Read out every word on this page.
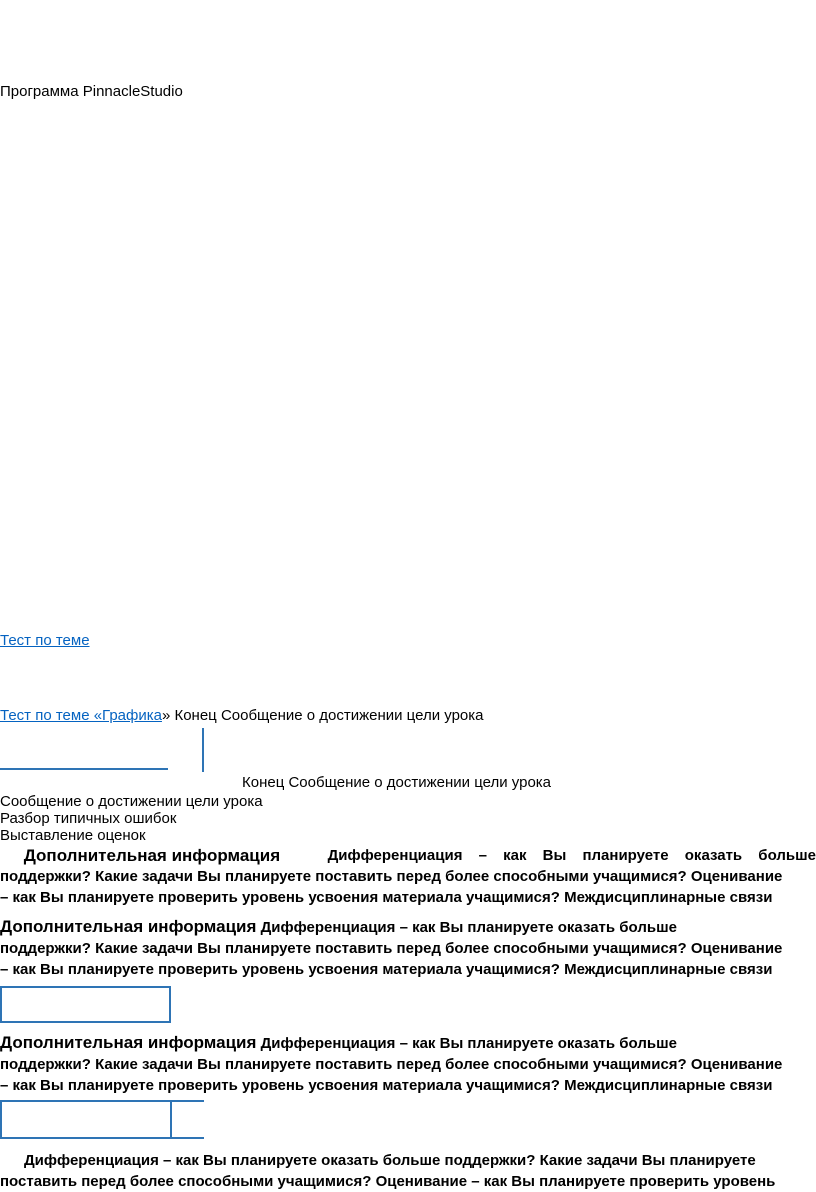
Программа PinnacleStudio
Тест по теме
Тест по теме «Графика» Конец Сообщение о достижении цели урока
Конец Сообщение о достижении цели урока
Сообщение о достижении цели урока
Разбор типичных ошибок
Выставление оценок
Дополнительная информация	Дифференциация – как Вы планируете оказать больше
поддержки? Какие задачи Вы планируете поставить перед более способными учащимися? Оценивание
– как Вы планируете проверить уровень усвоения материала учащимися? Междисциплинарные связи
Дополнительная информация Дифференциация – как Вы планируете оказать больше
поддержки? Какие задачи Вы планируете поставить перед более способными учащимися? Оценивание
– как Вы планируете проверить уровень усвоения материала учащимися? Междисциплинарные связи
Дополнительная информация Дифференциация – как Вы планируете оказать больше
поддержки? Какие задачи Вы планируете поставить перед более способными учащимися? Оценивание
– как Вы планируете проверить уровень усвоения материала учащимися? Междисциплинарные связи
Дифференциация – как Вы планируете оказать больше поддержки? Какие задачи Вы планируете
поставить перед более способными учащимися? Оценивание – как Вы планируете проверить уровень
